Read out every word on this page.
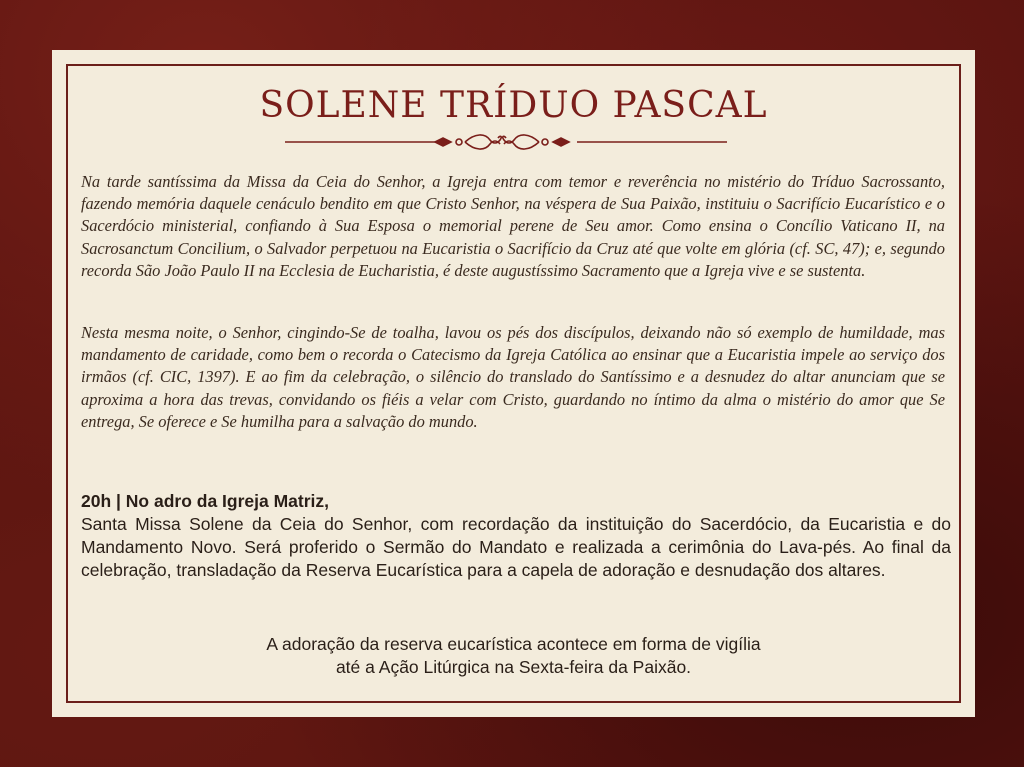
SOLENE TRÍDUO PASCAL

Na tarde santíssima da Missa da Ceia do Senhor, a Igreja entra com temor e reverência no mistério do Tríduo Sacrossanto, fazendo memória daquele cenáculo bendito em que Cristo Senhor, na véspera de Sua Paixão, instituiu o Sacrifício Eucarístico e o Sacerdócio ministerial, confiando à Sua Esposa o memorial perene de Seu amor. Como ensina o Concílio Vaticano II, na Sacrosanctum Concilium, o Salvador perpetuou na Eucaristia o Sacrifício da Cruz até que volte em glória (cf. SC, 47); e, segundo recorda São João Paulo II na Ecclesia de Eucharistia, é deste augustíssimo Sacramento que a Igreja vive e se sustenta.

Nesta mesma noite, o Senhor, cingindo-Se de toalha, lavou os pés dos discípulos, deixando não só exemplo de humildade, mas mandamento de caridade, como bem o recorda o Catecismo da Igreja Católica ao ensinar que a Eucaristia impele ao serviço dos irmãos (cf. CIC, 1397). E ao fim da celebração, o silêncio do translado do Santíssimo e a desnudez do altar anunciam que se aproxima a hora das trevas, convidando os fiéis a velar com Cristo, guardando no íntimo da alma o mistério do amor que Se entrega, Se oferece e Se humilha para a salvação do mundo.

20h | No adro da Igreja Matriz,

Santa Missa Solene da Ceia do Senhor, com recordação da instituição do Sacerdócio, da Eucaristia e do Mandamento Novo. Será proferido o Sermão do Mandato e realizada a cerimônia do Lava-pés. Ao final da celebração, transladação da Reserva Eucarística para a capela de adoração e desnudação dos altares.

A adoração da reserva eucarística acontece em forma de vigília
até a Ação Litúrgica na Sexta-feira da Paixão.
